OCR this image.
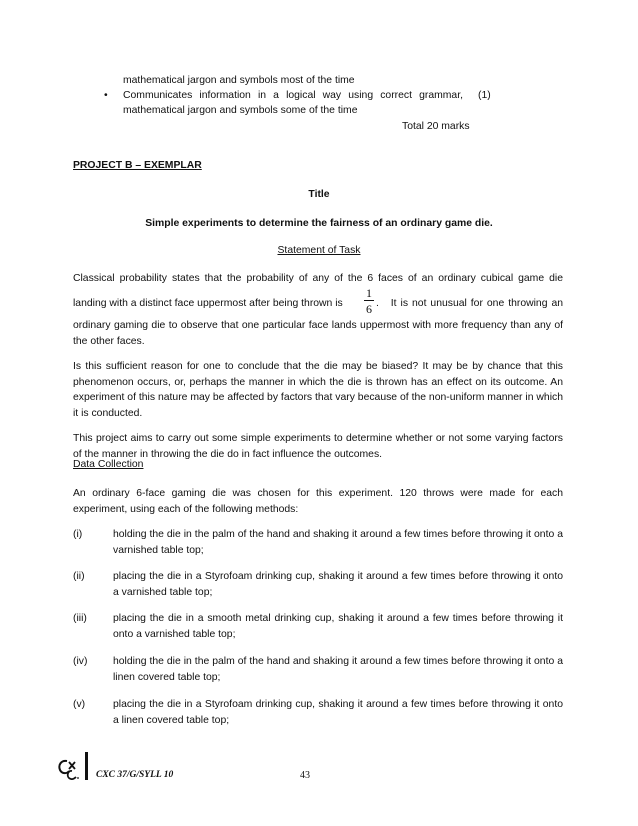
mathematical jargon and symbols most of the time
• Communicates information in a logical way using correct grammar, (1)
mathematical jargon and symbols some of the time
Total 20 marks
PROJECT B – EXEMPLAR
Title
Simple experiments to determine the fairness of an ordinary game die.
Statement of Task
Classical probability states that the probability of any of the 6 faces of an ordinary cubical game die
landing with a distinct face uppermost after being thrown is
1
6 .   It is not unusual for one throwing an
ordinary gaming die to observe that one particular face lands uppermost with more frequency than any of the other faces.
Is this sufficient reason for one to conclude that the die may be biased? It may be by chance that this phenomenon occurs, or, perhaps the manner in which the die is thrown has an effect on its outcome. An experiment of this nature may be affected by factors that vary because of the non-uniform manner in which it is conducted.
This project aims to carry out some simple experiments to determine whether or not some varying factors of the manner in throwing the die do in fact influence the outcomes.
Data Collection
An ordinary 6-face gaming die was chosen for this experiment. 120 throws were made for each experiment, using each of the following methods:
(i)	holding the die in the palm of the hand and shaking it around a few times before throwing it onto a varnished table top;
(ii)	placing the die in a Styrofoam drinking cup, shaking it around a few times before throwing it onto a varnished table top;
(iii)	placing the die in a smooth metal drinking cup, shaking it around a few times before throwing it onto a varnished table top;
(iv) holding the die in the palm of the hand and shaking it around a few times before throwing it onto a linen covered table top;
(v)	placing the die in a Styrofoam drinking cup, shaking it around a few times before throwing it onto a linen covered table top;
CXC 37/G/SYLL 10	43
